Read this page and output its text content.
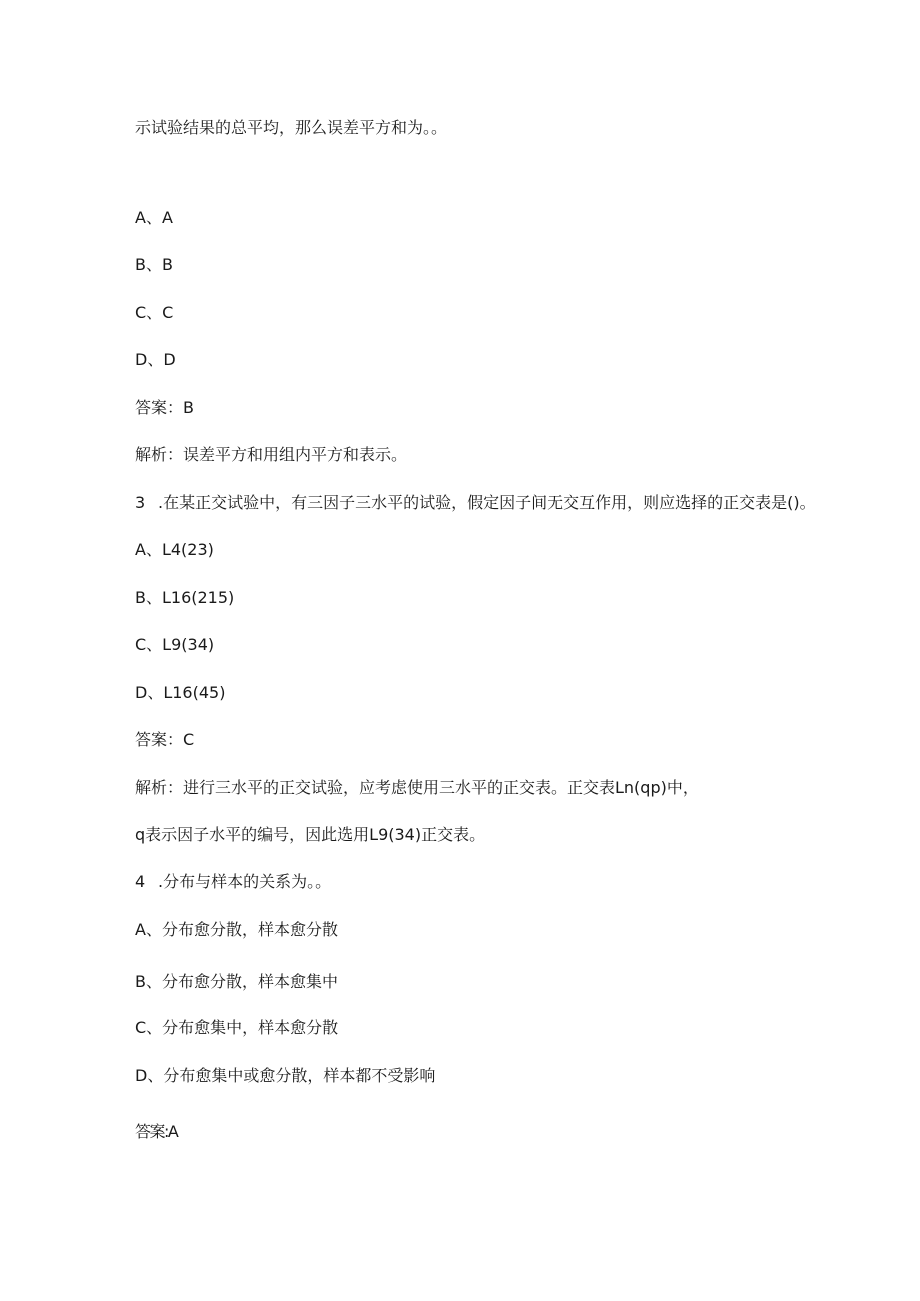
示试验结果的总平均，那么误差平方和为。。
A、A
B、B
C、C
D、D
答案：B
解析：误差平方和用组内平方和表示。
3 .在某正交试验中，有三因子三水平的试验，假定因子间无交互作用，则应选择的正交表是()。
A、L4(23)
B、L16(215)
C、L9(34)
D、L16(45)
答案：C
解析：进行三水平的正交试验，应考虑使用三水平的正交表。正交表Ln(qp)中，
q表示因子水平的编号，因此选用L9(34)正交表。
4 .分布与样本的关系为。。
A、分布愈分散，样本愈分散
B、分布愈分散，样本愈集中
C、分布愈集中，样本愈分散
D、分布愈集中或愈分散，样本都不受影响
答案:A
